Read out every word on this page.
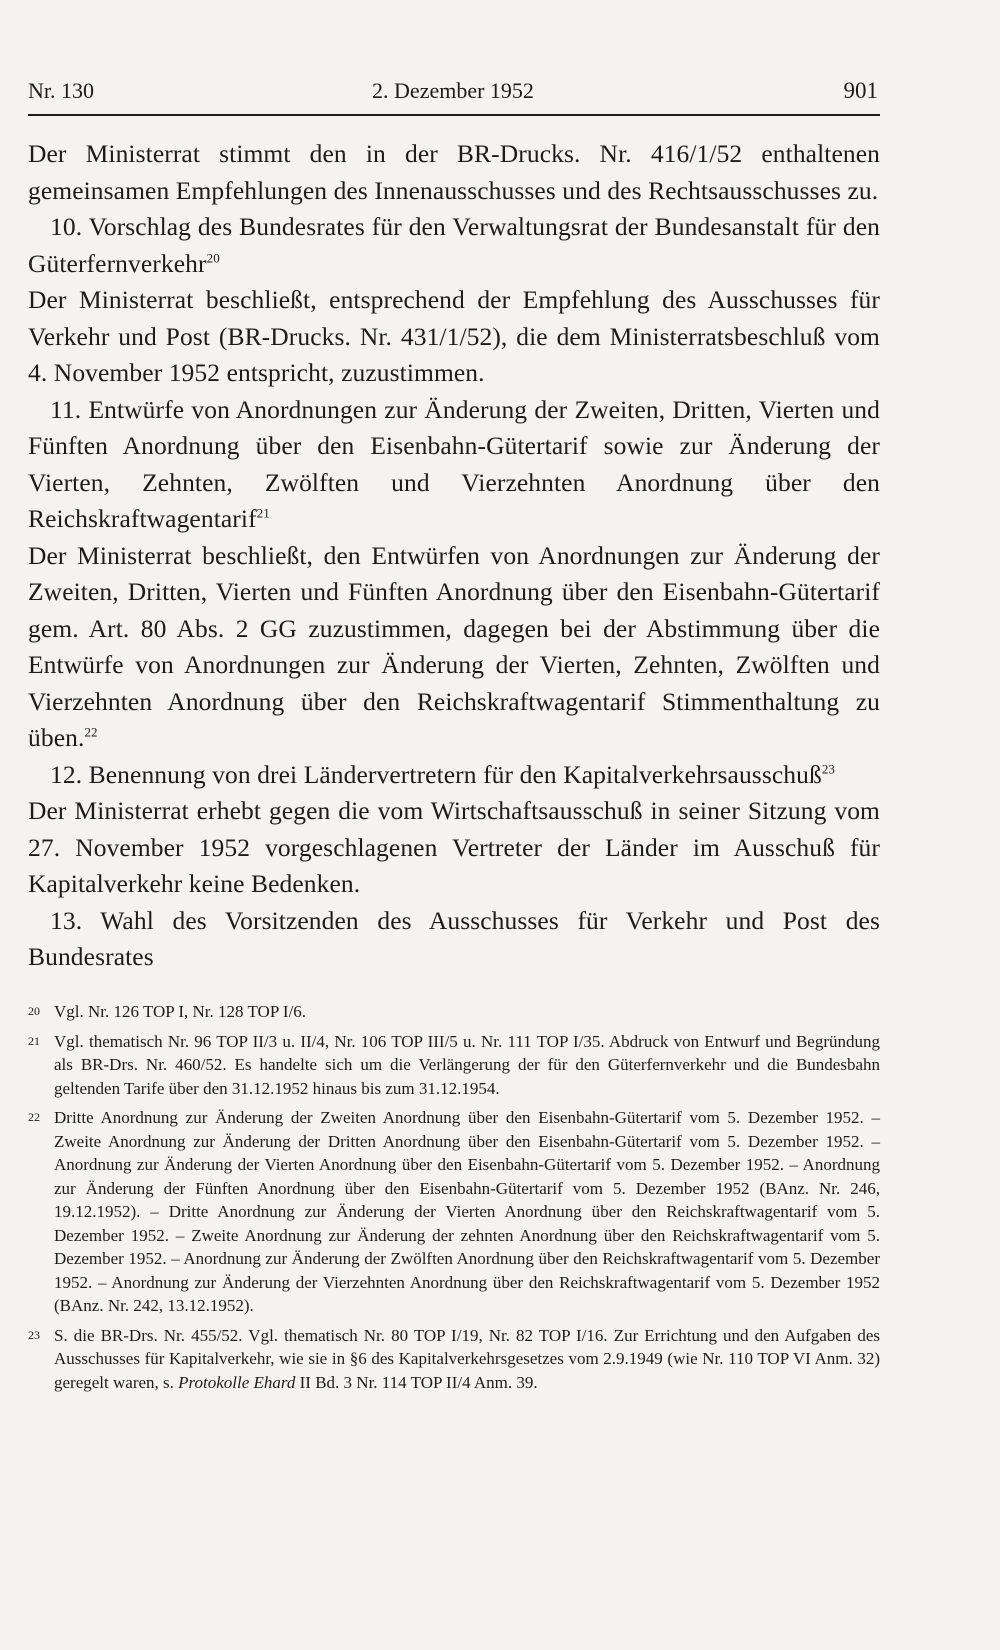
Nr. 130	2. Dezember 1952	901

Der Ministerrat stimmt den in der BR-Drucks. Nr. 416/1/52 enthaltenen gemeinsamen Empfehlungen des Innenausschusses und des Rechtsausschusses zu.

10. Vorschlag des Bundesrates für den Verwaltungsrat der Bundesanstalt für den Güterfernverkehr$^{20}$

Der Ministerrat beschließt, entsprechend der Empfehlung des Ausschusses für Verkehr und Post (BR-Drucks. Nr. 431/1/52), die dem Ministerratsbeschluß vom 4. November 1952 entspricht, zuzustimmen.

11. Entwürfe von Anordnungen zur Änderung der Zweiten, Dritten, Vierten und Fünften Anordnung über den Eisenbahn-Gütertarif sowie zur Änderung der Vierten, Zehnten, Zwölften und Vierzehnten Anordnung über den Reichskraftwagentarif$^{21}$

Der Ministerrat beschließt, den Entwürfen von Anordnungen zur Änderung der Zweiten, Dritten, Vierten und Fünften Anordnung über den Eisenbahn-Gütertarif gem. Art. 80 Abs. 2 GG zuzustimmen, dagegen bei der Abstimmung über die Entwürfe von Anordnungen zur Änderung der Vierten, Zehnten, Zwölften und Vierzehnten Anordnung über den Reichskraftwagentarif Stimmenthaltung zu üben.$^{22}$

12. Benennung von drei Ländervertretern für den Kapitalverkehrsausschuß$^{23}$

Der Ministerrat erhebt gegen die vom Wirtschaftsausschuß in seiner Sitzung vom 27. November 1952 vorgeschlagenen Vertreter der Länder im Ausschuß für Kapitalverkehr keine Bedenken.

13. Wahl des Vorsitzenden des Ausschusses für Verkehr und Post des Bundesrates

20 Vgl. Nr. 126 TOP I, Nr. 128 TOP I/6.

21 Vgl. thematisch Nr. 96 TOP II/3 u. II/4, Nr. 106 TOP III/5 u. Nr. 111 TOP I/35. Abdruck von Entwurf und Begründung als BR-Drs. Nr. 460/52. Es handelte sich um die Verlängerung der für den Güterfernverkehr und die Bundesbahn geltenden Tarife über den 31.12.1952 hinaus bis zum 31.12.1954.

22 Dritte Anordnung zur Änderung der Zweiten Anordnung über den Eisenbahn-Gütertarif vom 5. Dezember 1952. – Zweite Anordnung zur Änderung der Dritten Anordnung über den Eisenbahn-Gütertarif vom 5. Dezember 1952. – Anordnung zur Änderung der Vierten Anordnung über den Eisenbahn-Gütertarif vom 5. Dezember 1952. – Anordnung zur Änderung der Fünften Anordnung über den Eisenbahn-Gütertarif vom 5. Dezember 1952 (BAnz. Nr. 246, 19.12.1952). – Dritte Anordnung zur Änderung der Vierten Anordnung über den Reichskraftwagentarif vom 5. Dezember 1952. – Zweite Anordnung zur Änderung der zehnten Anordnung über den Reichskraftwagentarif vom 5. Dezember 1952. – Anordnung zur Änderung der Zwölften Anordnung über den Reichskraftwagentarif vom 5. Dezember 1952. – Anordnung zur Änderung der Vierzehnten Anordnung über den Reichskraftwagentarif vom 5. Dezember 1952 (BAnz. Nr. 242, 13.12.1952).

23 S. die BR-Drs. Nr. 455/52. Vgl. thematisch Nr. 80 TOP I/19, Nr. 82 TOP I/16. Zur Errichtung und den Aufgaben des Ausschusses für Kapitalverkehr, wie sie in §6 des Kapitalverkehrsgesetzes vom 2.9.1949 (wie Nr. 110 TOP VI Anm. 32) geregelt waren, s. Protokolle Ehard II Bd. 3 Nr. 114 TOP II/4 Anm. 39.
